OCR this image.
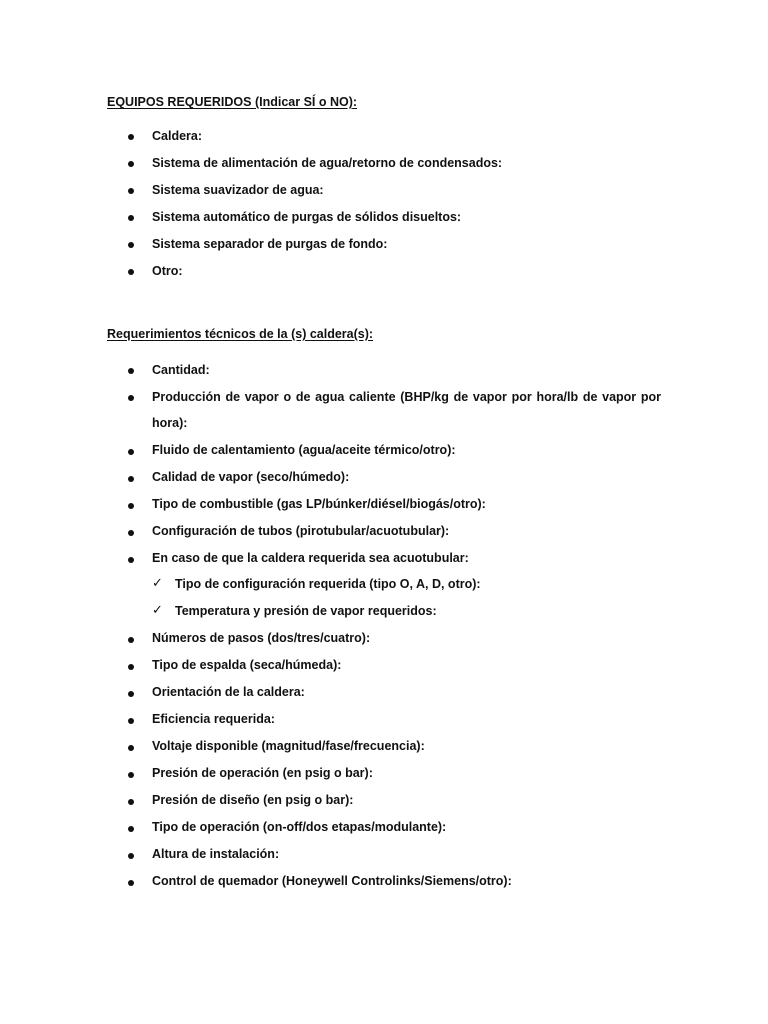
EQUIPOS REQUERIDOS (Indicar SÍ o NO):
Caldera:
Sistema de alimentación de agua/retorno de condensados:
Sistema suavizador de agua:
Sistema automático de purgas de sólidos disueltos:
Sistema separador de purgas de fondo:
Otro:
Requerimientos técnicos de la (s) caldera(s):
Cantidad:
Producción de vapor o de agua caliente (BHP/kg de vapor por hora/lb de vapor por
hora):
Fluido de calentamiento (agua/aceite térmico/otro):
Calidad de vapor (seco/húmedo):
Tipo de combustible (gas LP/búnker/diésel/biogás/otro):
Configuración de tubos (pirotubular/acuotubular):
En caso de que la caldera requerida sea acuotubular:
✓ Tipo de configuración requerida (tipo O, A, D, otro):
✓ Temperatura y presión de vapor requeridos:
Números de pasos (dos/tres/cuatro):
Tipo de espalda (seca/húmeda):
Orientación de la caldera:
Eficiencia requerida:
Voltaje disponible (magnitud/fase/frecuencia):
Presión de operación (en psig o bar):
Presión de diseño (en psig o bar):
Tipo de operación (on-off/dos etapas/modulante):
Altura de instalación:
Control de quemador (Honeywell Controlinks/Siemens/otro):
